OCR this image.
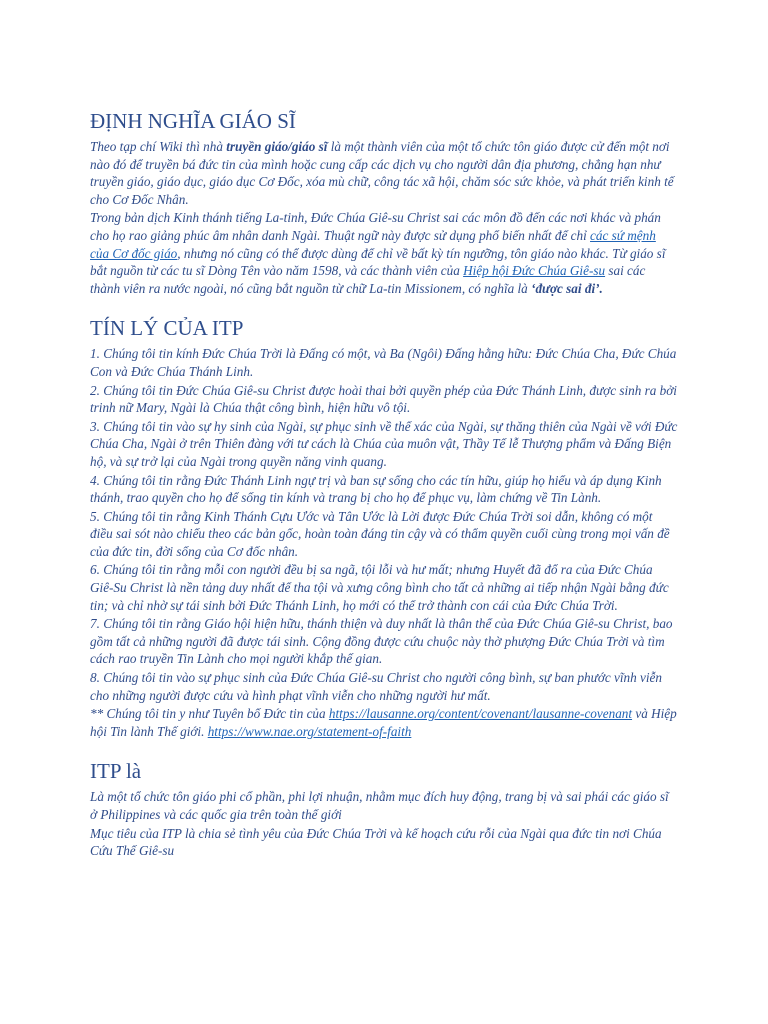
ĐỊNH NGHĨA GIÁO SĨ

Theo tạp chí Wiki thì nhà truyền giáo/giáo sĩ là một thành viên của một tổ chức tôn giáo được cử đến một nơi nào đó để truyền bá đức tin của mình hoặc cung cấp các dịch vụ cho người dân địa phương, chẳng hạn như truyền giáo, giáo dục, giáo dục Cơ Đốc, xóa mù chữ, công tác xã hội, chăm sóc sức khỏe, và phát triển kinh tế cho Cơ Đốc Nhân.

Trong bản dịch Kinh thánh tiếng La-tinh, Đức Chúa Giê-su Christ sai các môn đồ đến các nơi khác và phán cho họ rao giảng phúc âm nhân danh Ngài. Thuật ngữ này được sử dụng phổ biến nhất để chỉ các sứ mệnh của Cơ đốc giáo, nhưng nó cũng có thể được dùng để chỉ về bất kỳ tín ngưỡng, tôn giáo nào khác. Từ giáo sĩ bắt nguồn từ các tu sĩ Dòng Tên vào năm 1598, và các thành viên của Hiệp hội Đức Chúa Giê-su sai các thành viên ra nước ngoài, nó cũng bắt nguồn từ chữ La-tin Missionem, có nghĩa là ‘được sai đi’.

TÍN LÝ CỦA ITP

1. Chúng tôi tin kính Đức Chúa Trời là Đấng có một, và Ba (Ngôi) Đấng hằng hữu: Đức Chúa Cha, Đức Chúa Con và Đức Chúa Thánh Linh.

2. Chúng tôi tin Đức Chúa Giê-su Christ được hoài thai bởi quyền phép của Đức Thánh Linh, được sinh ra bởi trinh nữ Mary, Ngài là Chúa thật công bình, hiện hữu vô tội.

3. Chúng tôi tin vào sự hy sinh của Ngài, sự phục sinh về thể xác của Ngài, sự thăng thiên của Ngài về với Đức Chúa Cha, Ngài ở trên Thiên đàng với tư cách là Chúa của muôn vật, Thầy Tế lễ Thượng phẩm và Đấng Biện hộ, và sự trở lại của Ngài trong quyền năng vinh quang.

4. Chúng tôi tin rằng Đức Thánh Linh ngự trị và ban sự sống cho các tín hữu, giúp họ hiểu và áp dụng Kinh thánh, trao quyền cho họ để sống tin kính và trang bị cho họ để phục vụ, làm chứng về Tin Lành.

5. Chúng tôi tin rằng Kinh Thánh Cựu Ước và Tân Ước là Lời được Đức Chúa Trời soi dẫn, không có một điều sai sót nào chiếu theo các bản gốc, hoàn toàn đáng tin cậy và có thẩm quyền cuối cùng trong mọi vấn đề của đức tin, đời sống của Cơ đốc nhân.

6. Chúng tôi tin rằng mỗi con người đều bị sa ngã, tội lỗi và hư mất; nhưng Huyết đã đổ ra của Đức Chúa Giê-Su Christ là nền tảng duy nhất để tha tội và xưng công bình cho tất cả những ai tiếp nhận Ngài bằng đức tin; và chỉ nhờ sự tái sinh bởi Đức Thánh Linh, họ mới có thể trở thành con cái của Đức Chúa Trời.

7. Chúng tôi tin rằng Giáo hội hiện hữu, thánh thiện và duy nhất là thân thể của Đức Chúa Giê-su Christ, bao gồm tất cả những người đã được tái sinh. Cộng đồng được cứu chuộc này thờ phượng Đức Chúa Trời và tìm cách rao truyền Tin Lành cho mọi người khắp thế gian.

8. Chúng tôi tin vào sự phục sinh của Đức Chúa Giê-su Christ cho người công bình, sự ban phước vĩnh viễn cho những người được cứu và hình phạt vĩnh viễn cho những người hư mất.

** Chúng tôi tin y như Tuyên bố Đức tin của https://lausanne.org/content/covenant/lausanne-covenant và Hiệp hội Tin lành Thế giới. https://www.nae.org/statement-of-faith

ITP là

Là một tổ chức tôn giáo phi cổ phần, phi lợi nhuận, nhằm mục đích huy động, trang bị và sai phái các giáo sĩ ở Philippines và các quốc gia trên toàn thế giới

Mục tiêu của ITP là chia sẻ tình yêu của Đức Chúa Trời và kế hoạch cứu rỗi của Ngài qua đức tin nơi Chúa Cứu Thế Giê-su
